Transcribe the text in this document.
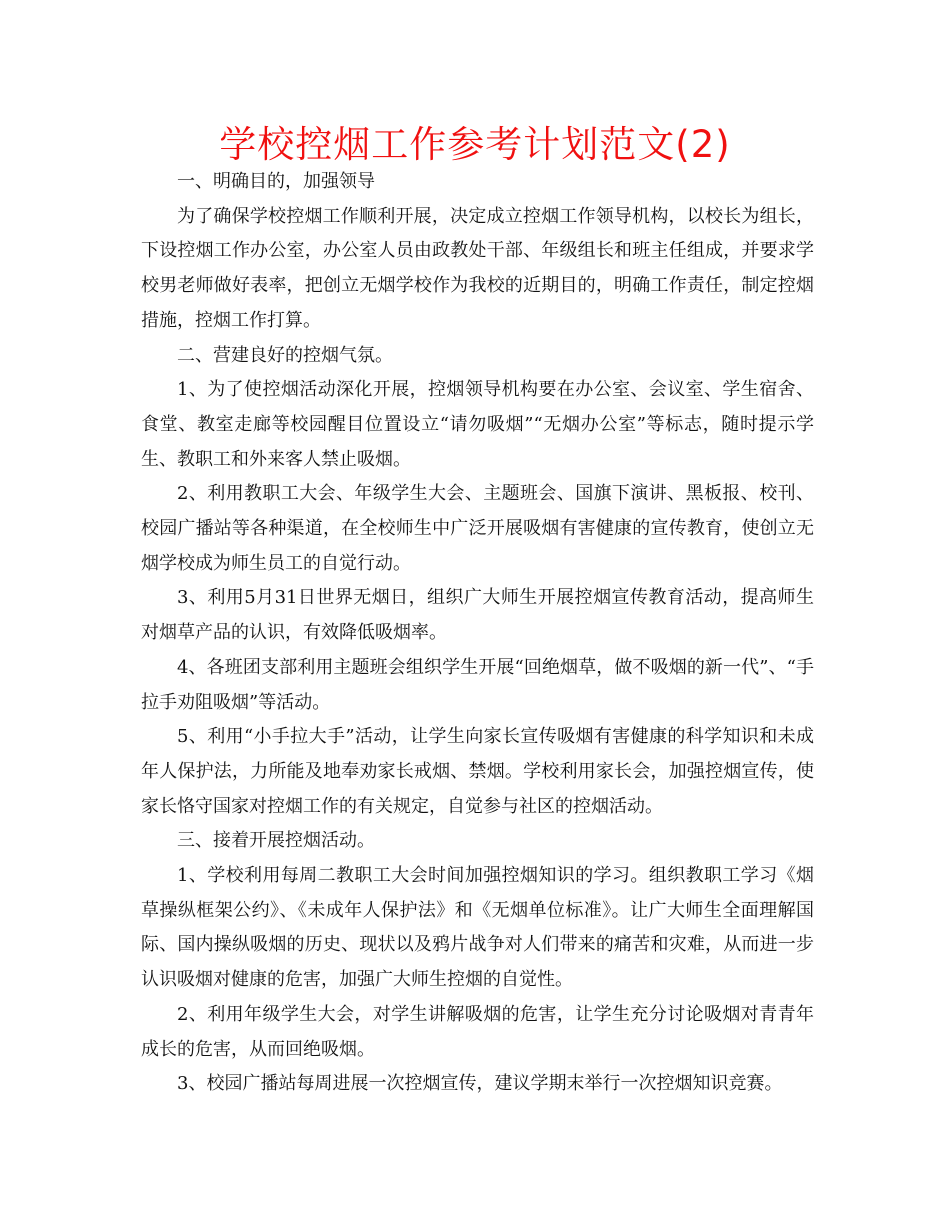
学校控烟工作参考计划范文(2)

一、明确目的，加强领导

为了确保学校控烟工作顺利开展，决定成立控烟工作领导机构，以校长为组长，下设控烟工作办公室，办公室人员由政教处干部、年级组长和班主任组成，并要求学校男老师做好表率，把创立无烟学校作为我校的近期目的，明确工作责任，制定控烟措施，控烟工作打算。

二、营建良好的控烟气氛。

1、为了使控烟活动深化开展，控烟领导机构要在办公室、会议室、学生宿舍、食堂、教室走廊等校园醒目位置设立“请勿吸烟”“无烟办公室”等标志，随时提示学生、教职工和外来客人禁止吸烟。

2、利用教职工大会、年级学生大会、主题班会、国旗下演讲、黑板报、校刊、校园广播站等各种渠道，在全校师生中广泛开展吸烟有害健康的宣传教育，使创立无烟学校成为师生员工的自觉行动。

3、利用5月31日世界无烟日，组织广大师生开展控烟宣传教育活动，提高师生对烟草产品的认识，有效降低吸烟率。

4、各班团支部利用主题班会组织学生开展“回绝烟草，做不吸烟的新一代”、“手拉手劝阻吸烟”等活动。

5、利用“小手拉大手”活动，让学生向家长宣传吸烟有害健康的科学知识和未成年人保护法，力所能及地奉劝家长戒烟、禁烟。学校利用家长会，加强控烟宣传，使家长恪守国家对控烟工作的有关规定，自觉参与社区的控烟活动。

三、接着开展控烟活动。

1、学校利用每周二教职工大会时间加强控烟知识的学习。组织教职工学习《烟草操纵框架公约》、《未成年人保护法》和《无烟单位标准》。让广大师生全面理解国际、国内操纵吸烟的历史、现状以及鸦片战争对人们带来的痛苦和灾难，从而进一步认识吸烟对健康的危害，加强广大师生控烟的自觉性。

2、利用年级学生大会，对学生讲解吸烟的危害，让学生充分讨论吸烟对青青年成长的危害，从而回绝吸烟。

3、校园广播站每周进展一次控烟宣传，建议学期末举行一次控烟知识竞赛。
